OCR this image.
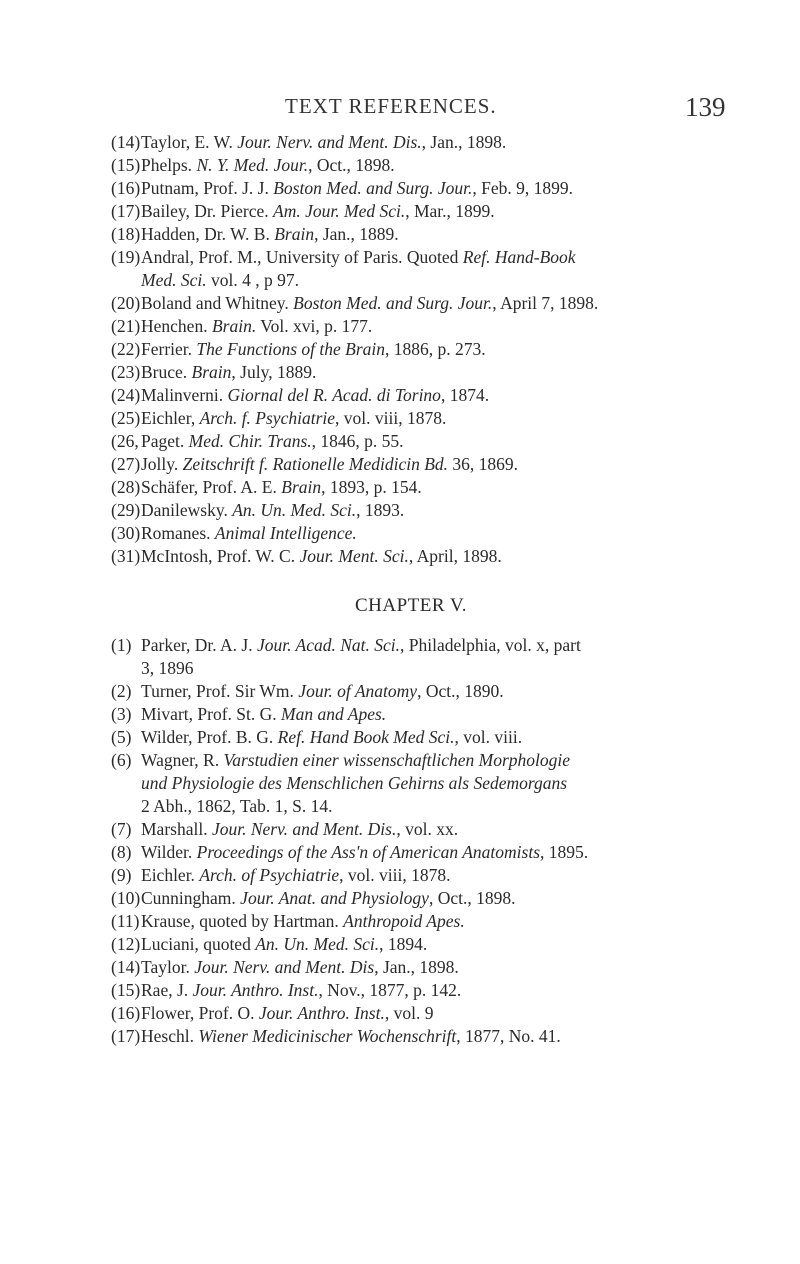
TEXT REFERENCES.	139
(14) Taylor, E. W. Jour. Nerv. and Ment. Dis., Jan., 1898.
(15) Phelps. N. Y. Med. Jour., Oct., 1898.
(16) Putnam, Prof. J. J. Boston Med. and Surg. Jour., Feb. 9, 1899.
(17) Bailey, Dr. Pierce. Am. Jour. Med Sci., Mar., 1899.
(18) Hadden, Dr. W. B. Brain, Jan., 1889.
(19) Andral, Prof. M., University of Paris. Quoted Ref. Hand-Book
Med. Sci. vol. 4 , p 97.
(20) Boland and Whitney. Boston Med. and Surg. Jour., April 7, 1898.
(21) Henchen. Brain. Vol. xvi, p. 177.
(22) Ferrier. The Functions of the Brain, 1886, p. 273.
(23) Bruce. Brain, July, 1889.
(24) Malinverni. Giornal del R. Acad. di Torino, 1874.
(25) Eichler, Arch. f. Psychiatrie, vol. viii, 1878.
(26, Paget. Med. Chir. Trans., 1846, p. 55.
(27) Jolly. Zeitschrift f. Rationelle Medidicin Bd. 36, 1869.
(28) Schäfer, Prof. A. E. Brain, 1893, p. 154.
(29) Danilewsky. An. Un. Med. Sci., 1893.
(30) Romanes. Animal Intelligence.
(31) McIntosh, Prof. W. C. Jour. Ment. Sci., April, 1898.
CHAPTER V.
(1) Parker, Dr. A. J. Jour. Acad. Nat. Sci., Philadelphia, vol. x, part
3, 1896
(2) Turner, Prof. Sir Wm. Jour. of Anatomy, Oct., 1890.
(3) Mivart, Prof. St. G. Man and Apes.
(5) Wilder, Prof. B. G. Ref. Hand Book Med Sci., vol. viii.
(6) Wagner, R. Varstudien einer wissenschaftlichen Morphologie
und Physiologie des Menschlichen Gehirns als Sedemorgans
2 Abh., 1862, Tab. 1, S. 14.
(7) Marshall. Jour. Nerv. and Ment. Dis., vol. xx.
(8) Wilder. Proceedings of the Ass'n of American Anatomists, 1895.
(9) Eichler. Arch. of Psychiatrie, vol. viii, 1878.
(10) Cunningham. Jour. Anat. and Physiology, Oct., 1898.
(11) Krause, quoted by Hartman. Anthropoid Apes.
(12) Luciani, quoted An. Un. Med. Sci., 1894.
(14) Taylor. Jour. Nerv. and Ment. Dis, Jan., 1898.
(15) Rae, J. Jour. Anthro. Inst., Nov., 1877, p. 142.
(16) Flower, Prof. O. Jour. Anthro. Inst., vol. 9
(17) Heschl. Wiener Medicinischer Wochenschrift, 1877, No. 41.
